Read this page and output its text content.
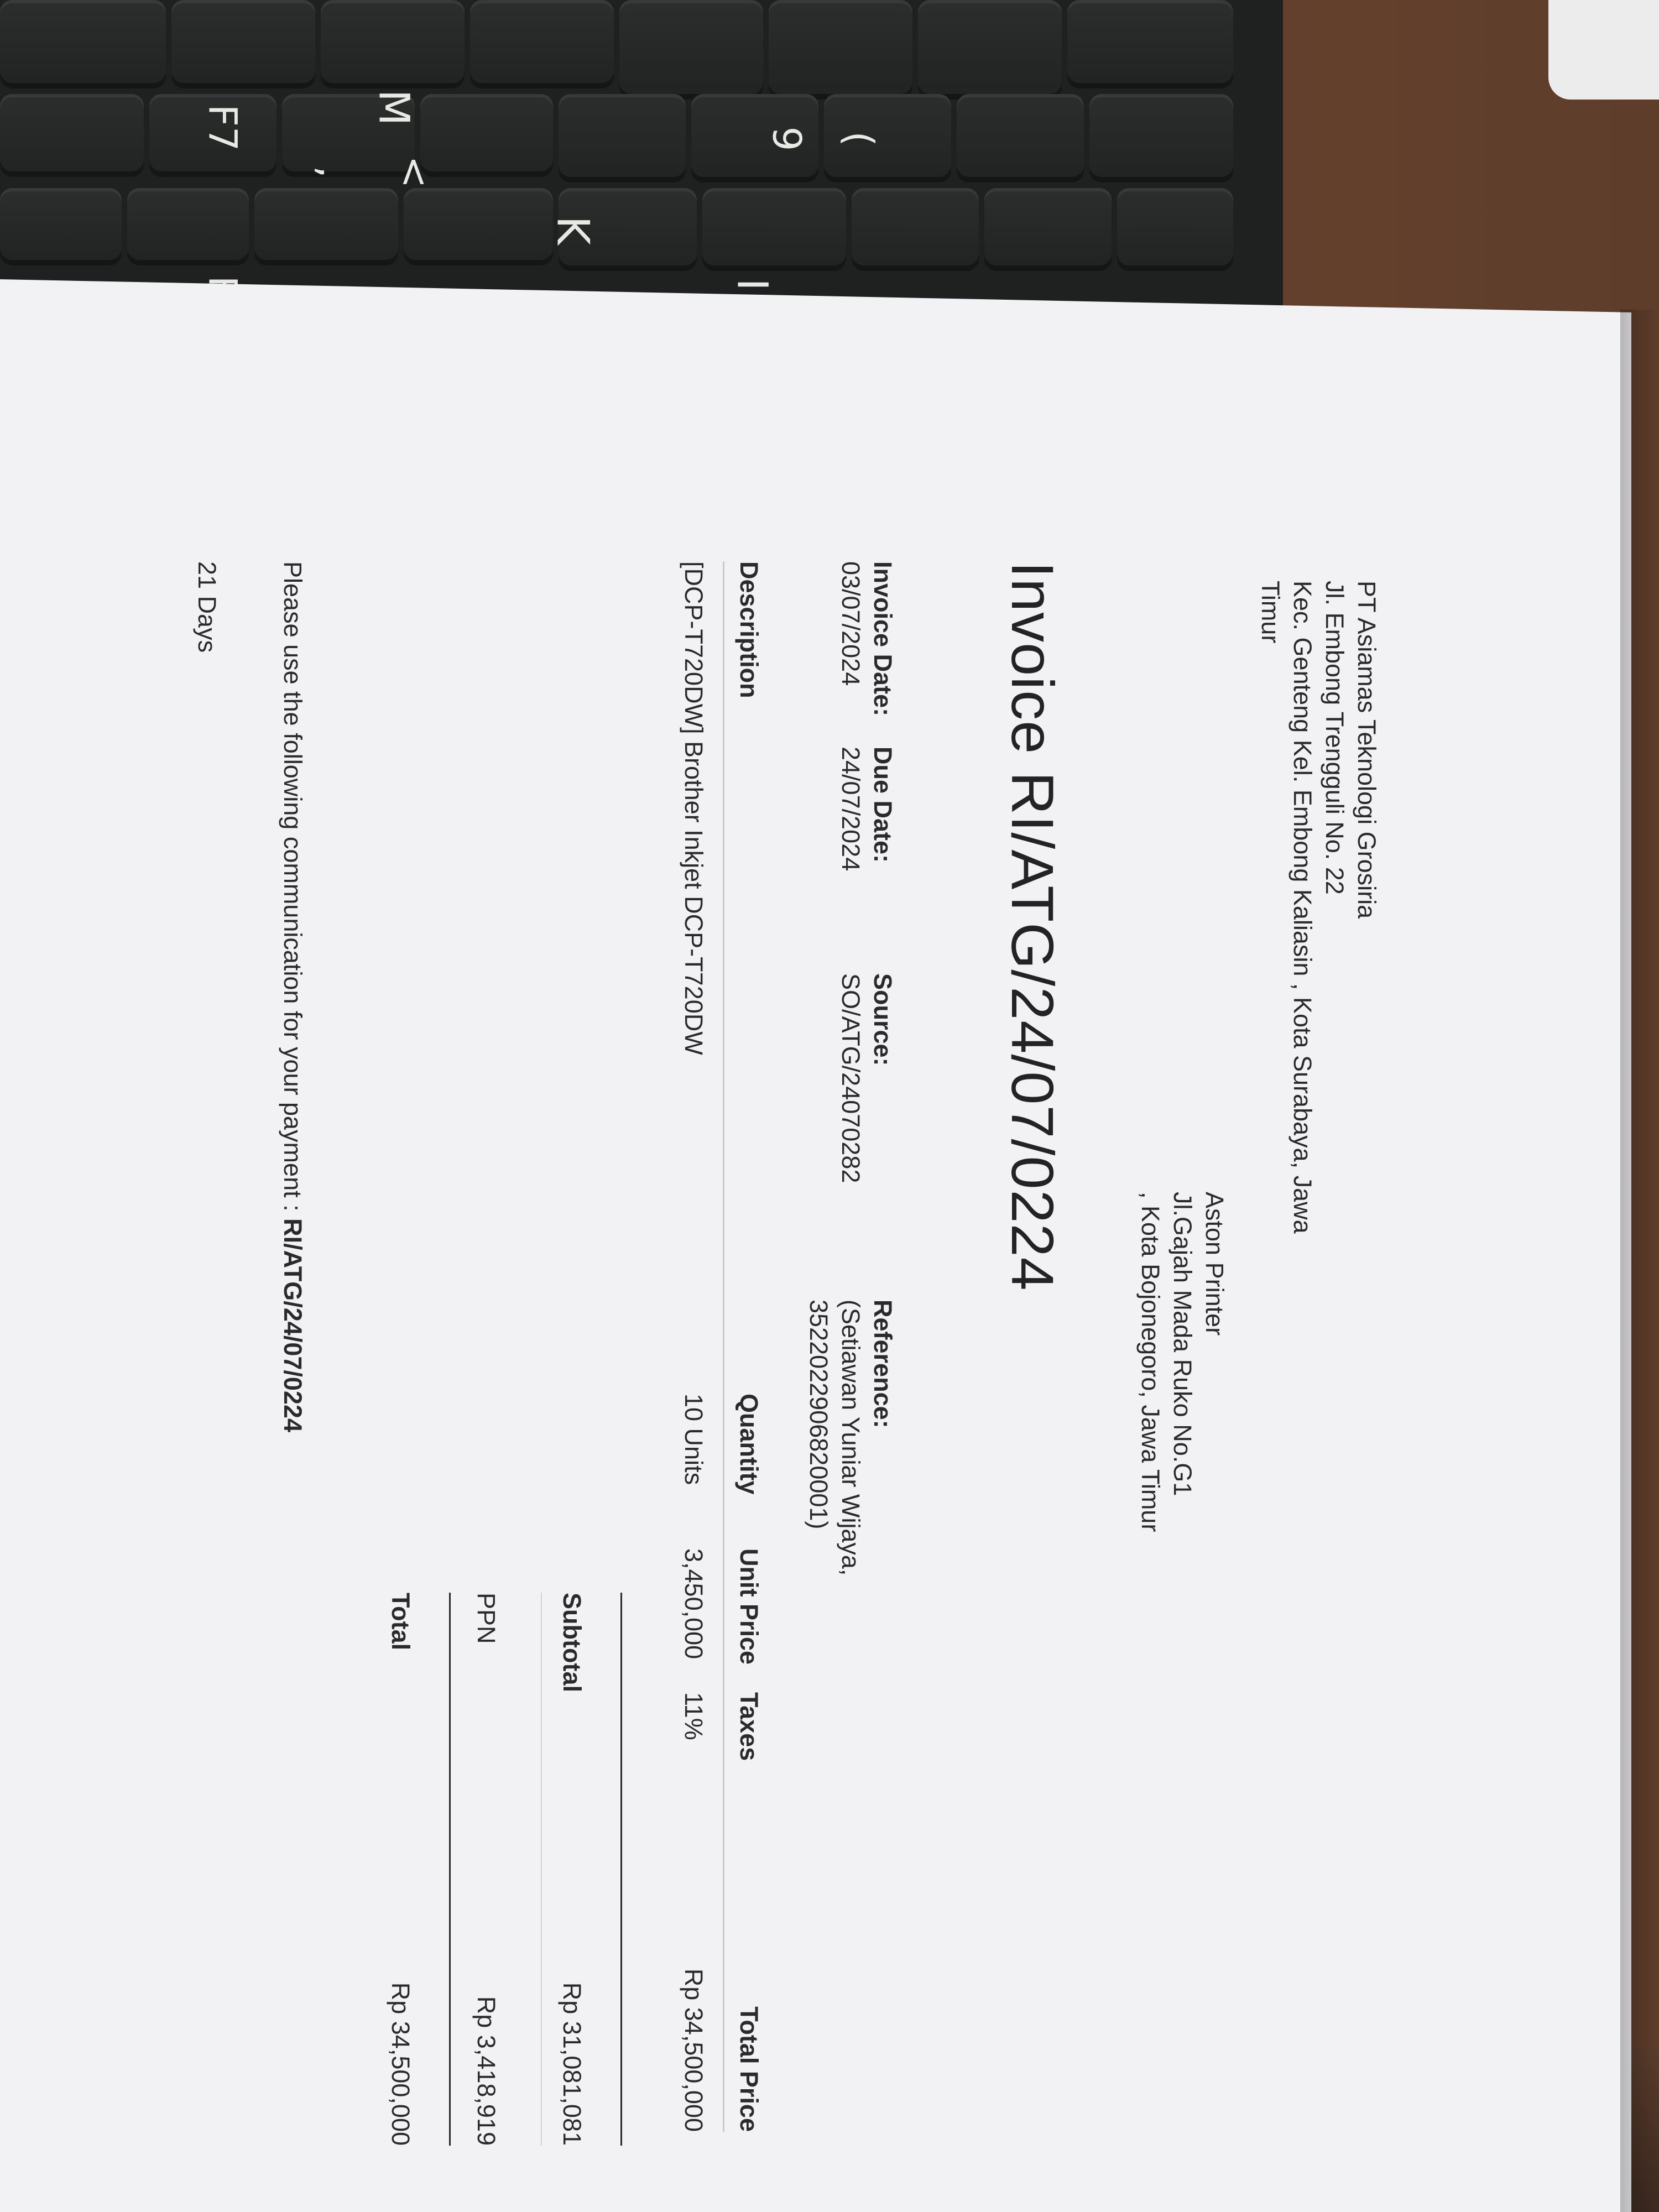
F7	(
9
I
K
M
<
,
PT Asiamas Teknologi Grosiria
Jl. Embong Trengguli No. 22
Kec. Genteng Kel. Embong Kaliasin , Kota Surabaya, Jawa
Timur
Aston Printer
Jl.Gajah Mada Ruko No.G1
, Kota Bojonegoro, Jawa Timur
Invoice RI/ATG/24/07/0224
Invoice Date:
03/07/2024
Due Date:
24/07/2024
Source:
SO/ATG/24070282
Reference:
(Setiawan Yuniar Wijaya,
3522022906820001)
Description
Quantity
Unit Price
Taxes
Total Price
[DCP-T720DW] Brother Inkjet DCP-T720DW
10 Units
3,450,000
11%
Rp 34,500,000
Subtotal
Rp 31,081,081
PPN
Rp 3,418,919
Total
Rp 34,500,000
Please use the following communication for your payment : RI/ATG/24/07/0224
21 Days
